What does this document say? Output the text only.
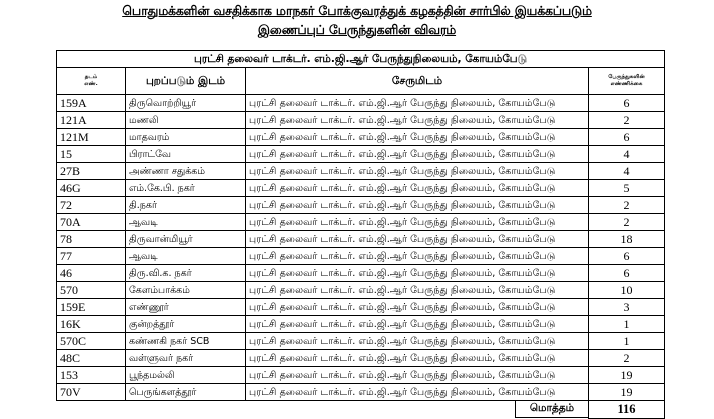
பொதுமக்களின் வசதிக்காக மாநகர் போக்குவரத்துக் கழகத்தின் சார்பில் இயக்கப்படும்
இணைப்புப் பேருந்துகளின் விவரம்
புரட்சி தலைவர் டாக்டர். எம்.ஜி.ஆர் பேருந்துநிலையம், கோயம்பேடு			

தடம்
எண்.	புறப்படும் இடம்	சேருமிடம்	பேருந்துகளின்
எண்ணிக்கை

159A	திருவொற்றியூர்	புரட்சி தலைவர் டாக்டர். எம்.ஜி.ஆர் பேருந்து நிலையம், கோயம்பேடு	6
121A	மணலி	புரட்சி தலைவர் டாக்டர். எம்.ஜி.ஆர் பேருந்து நிலையம், கோயம்பேடு	2
121M	மாதவரம்	புரட்சி தலைவர் டாக்டர். எம்.ஜி.ஆர் பேருந்து நிலையம், கோயம்பேடு	6
15	பிராட்வே	புரட்சி தலைவர் டாக்டர். எம்.ஜி.ஆர் பேருந்து நிலையம், கோயம்பேடு	4
27B	அண்ணா சதுக்கம்	புரட்சி தலைவர் டாக்டர். எம்.ஜி.ஆர் பேருந்து நிலையம், கோயம்பேடு	4
46G	எம்.கே.பி. நகர்	புரட்சி தலைவர் டாக்டர். எம்.ஜி.ஆர் பேருந்து நிலையம், கோயம்பேடு	5
72	தி.நகர்	புரட்சி தலைவர் டாக்டர். எம்.ஜி.ஆர் பேருந்து நிலையம், கோயம்பேடு	2
70A	ஆவடி	புரட்சி தலைவர் டாக்டர். எம்.ஜி.ஆர் பேருந்து நிலையம், கோயம்பேடு	2
78	திருவான்மியூர்	புரட்சி தலைவர் டாக்டர். எம்.ஜி.ஆர் பேருந்து நிலையம், கோயம்பேடு	18
77	ஆவடி	புரட்சி தலைவர் டாக்டர். எம்.ஜி.ஆர் பேருந்து நிலையம், கோயம்பேடு	6
46	திரு.வி.க. நகர்	புரட்சி தலைவர் டாக்டர். எம்.ஜி.ஆர் பேருந்து நிலையம், கோயம்பேடு	6
570	கேளம்பாக்கம்	புரட்சி தலைவர் டாக்டர். எம்.ஜி.ஆர் பேருந்து நிலையம், கோயம்பேடு	10
159E	எண்ணூர்	புரட்சி தலைவர் டாக்டர். எம்.ஜி.ஆர் பேருந்து நிலையம், கோயம்பேடு	3
16K	குன்றத்தூர்	புரட்சி தலைவர் டாக்டர். எம்.ஜி.ஆர் பேருந்து நிலையம், கோயம்பேடு	1
570C	கண்ணகி நகர் SCB	புரட்சி தலைவர் டாக்டர். எம்.ஜி.ஆர் பேருந்து நிலையம், கோயம்பேடு	1
48C	வள்ளுவர் நகர்	புரட்சி தலைவர் டாக்டர். எம்.ஜி.ஆர் பேருந்து நிலையம், கோயம்பேடு	2
153	பூந்தமல்லி	புரட்சி தலைவர் டாக்டர். எம்.ஜி.ஆர் பேருந்து நிலையம், கோயம்பேடு	19
70V	பெருங்களத்தூர்	புரட்சி தலைவர் டாக்டர். எம்.ஜி.ஆர் பேருந்து நிலையம், கோயம்பேடு	19
		மொத்தம்	116
